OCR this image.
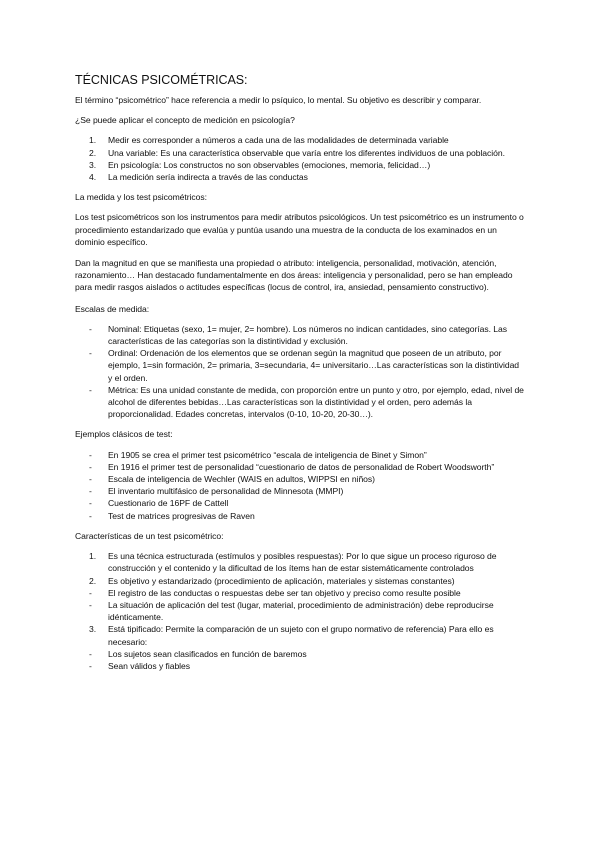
TÉCNICAS PSICOMÉTRICAS:

El término “psicométrico” hace referencia a medir lo psíquico, lo mental. Su objetivo es describir y comparar.

¿Se puede aplicar el concepto de medición en psicología?

1. Medir es corresponder a números a cada una de las modalidades de determinada variable
2. Una variable: Es una característica observable que varía entre los diferentes individuos de una población.
3. En psicología: Los constructos no son observables (emociones, memoria, felicidad…)
4. La medición sería indirecta a través de las conductas

La medida y los test psicométricos:

Los test psicométricos son los instrumentos para medir atributos psicológicos. Un test psicométrico es un instrumento o procedimiento estandarizado que evalúa y puntúa usando una muestra de la conducta de los examinados en un dominio específico.

Dan la magnitud en que se manifiesta una propiedad o atributo: inteligencia, personalidad, motivación, atención, razonamiento… Han destacado fundamentalmente en dos áreas: inteligencia y personalidad, pero se han empleado para medir rasgos aislados o actitudes específicas (locus de control, ira, ansiedad, pensamiento constructivo).

Escalas de medida:

- Nominal: Etiquetas (sexo, 1= mujer, 2= hombre). Los números no indican cantidades, sino categorías. Las características de las categorías son la distintividad y exclusión.
- Ordinal: Ordenación de los elementos que se ordenan según la magnitud que poseen de un atributo, por ejemplo, 1=sin formación, 2= primaria, 3=secundaria, 4= universitario…Las características son la distintividad y el orden.
- Métrica: Es una unidad constante de medida, con proporción entre un punto y otro, por ejemplo, edad, nivel de alcohol de diferentes bebidas…Las características son la distintividad y el orden, pero además la proporcionalidad. Edades concretas, intervalos (0-10, 10-20, 20-30…).

Ejemplos clásicos de test:

- En 1905 se crea el primer test psicométrico “escala de inteligencia de Binet y Simon”
- En 1916 el primer test de personalidad “cuestionario de datos de personalidad de Robert Woodsworth”
- Escala de inteligencia de Wechler (WAIS en adultos, WIPPSI en niños)
- El inventario multifásico de personalidad de Minnesota (MMPI)
- Cuestionario de 16PF de Cattell
- Test de matrices progresivas de Raven

Características de un test psicométrico:

1. Es una técnica estructurada (estímulos y posibles respuestas): Por lo que sigue un proceso riguroso de construcción y el contenido y la dificultad de los ítems han de estar sistemáticamente controlados
2. Es objetivo y estandarizado (procedimiento de aplicación, materiales y sistemas constantes)
- El registro de las conductas o respuestas debe ser tan objetivo y preciso como resulte posible
- La situación de aplicación del test (lugar, material, procedimiento de administración) debe reproducirse idénticamente.
3. Está tipificado: Permite la comparación de un sujeto con el grupo normativo de referencia) Para ello es necesario:
- Los sujetos sean clasificados en función de baremos
- Sean válidos y fiables
